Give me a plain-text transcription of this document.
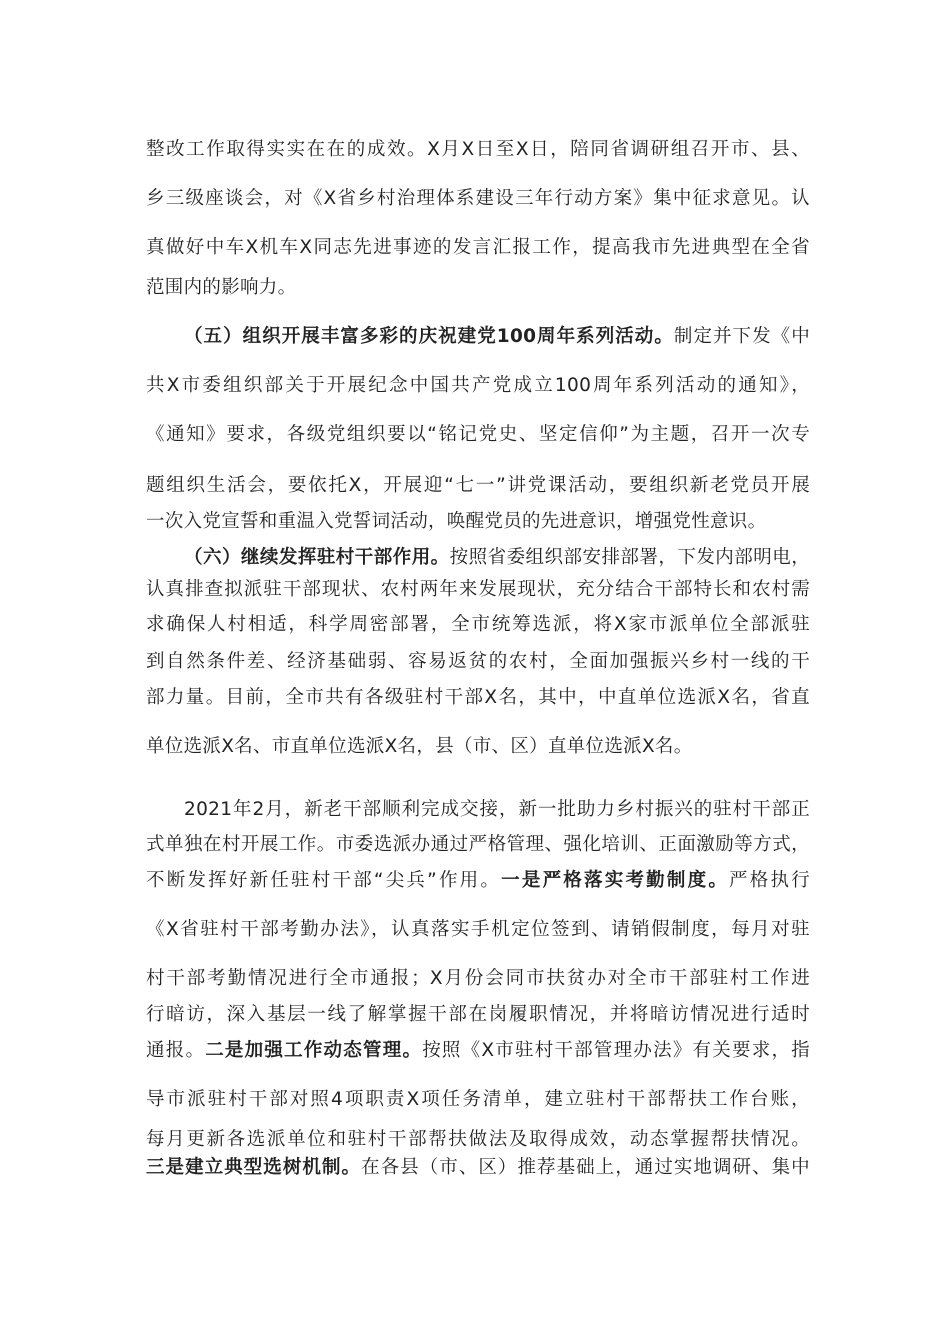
整改工作取得实实在在的成效。X月X日至X日，陪同省调研组召开市、县、
乡三级座谈会，对《X省乡村治理体系建设三年行动方案》集中征求意见。认
真做好中车X机车X同志先进事迹的发言汇报工作，提高我市先进典型在全省
范围内的影响力。
（五）组织开展丰富多彩的庆祝建党100周年系列活动。制定并下发《中
共X市委组织部关于开展纪念中国共产党成立100周年系列活动的通知》，
《通知》要求，各级党组织要以“铭记党史、坚定信仰”为主题，召开一次专
题组织生活会，要依托X，开展迎“七一”讲党课活动，要组织新老党员开展
一次入党宣誓和重温入党誓词活动，唤醒党员的先进意识，增强党性意识。
（六）继续发挥驻村干部作用。按照省委组织部安排部署，下发内部明电，
认真排查拟派驻干部现状、农村两年来发展现状，充分结合干部特长和农村需
求确保人村相适，科学周密部署，全市统筹选派，将X家市派单位全部派驻
到自然条件差、经济基础弱、容易返贫的农村，全面加强振兴乡村一线的干
部力量。目前，全市共有各级驻村干部X名，其中，中直单位选派X名，省直
单位选派X名、市直单位选派X名，县（市、区）直单位选派X名。
2021年2月，新老干部顺利完成交接，新一批助力乡村振兴的驻村干部正
式单独在村开展工作。市委选派办通过严格管理、强化培训、正面激励等方式，
不断发挥好新任驻村干部“尖兵”作用。一是严格落实考勤制度。严格执行
《X省驻村干部考勤办法》，认真落实手机定位签到、请销假制度，每月对驻
村干部考勤情况进行全市通报；X月份会同市扶贫办对全市干部驻村工作进
行暗访，深入基层一线了解掌握干部在岗履职情况，并将暗访情况进行适时
通报。二是加强工作动态管理。按照《X市驻村干部管理办法》有关要求，指
导市派驻村干部对照4项职责X项任务清单，建立驻村干部帮扶工作台账，
每月更新各选派单位和驻村干部帮扶做法及取得成效，动态掌握帮扶情况。
三是建立典型选树机制。在各县（市、区）推荐基础上，通过实地调研、集中
